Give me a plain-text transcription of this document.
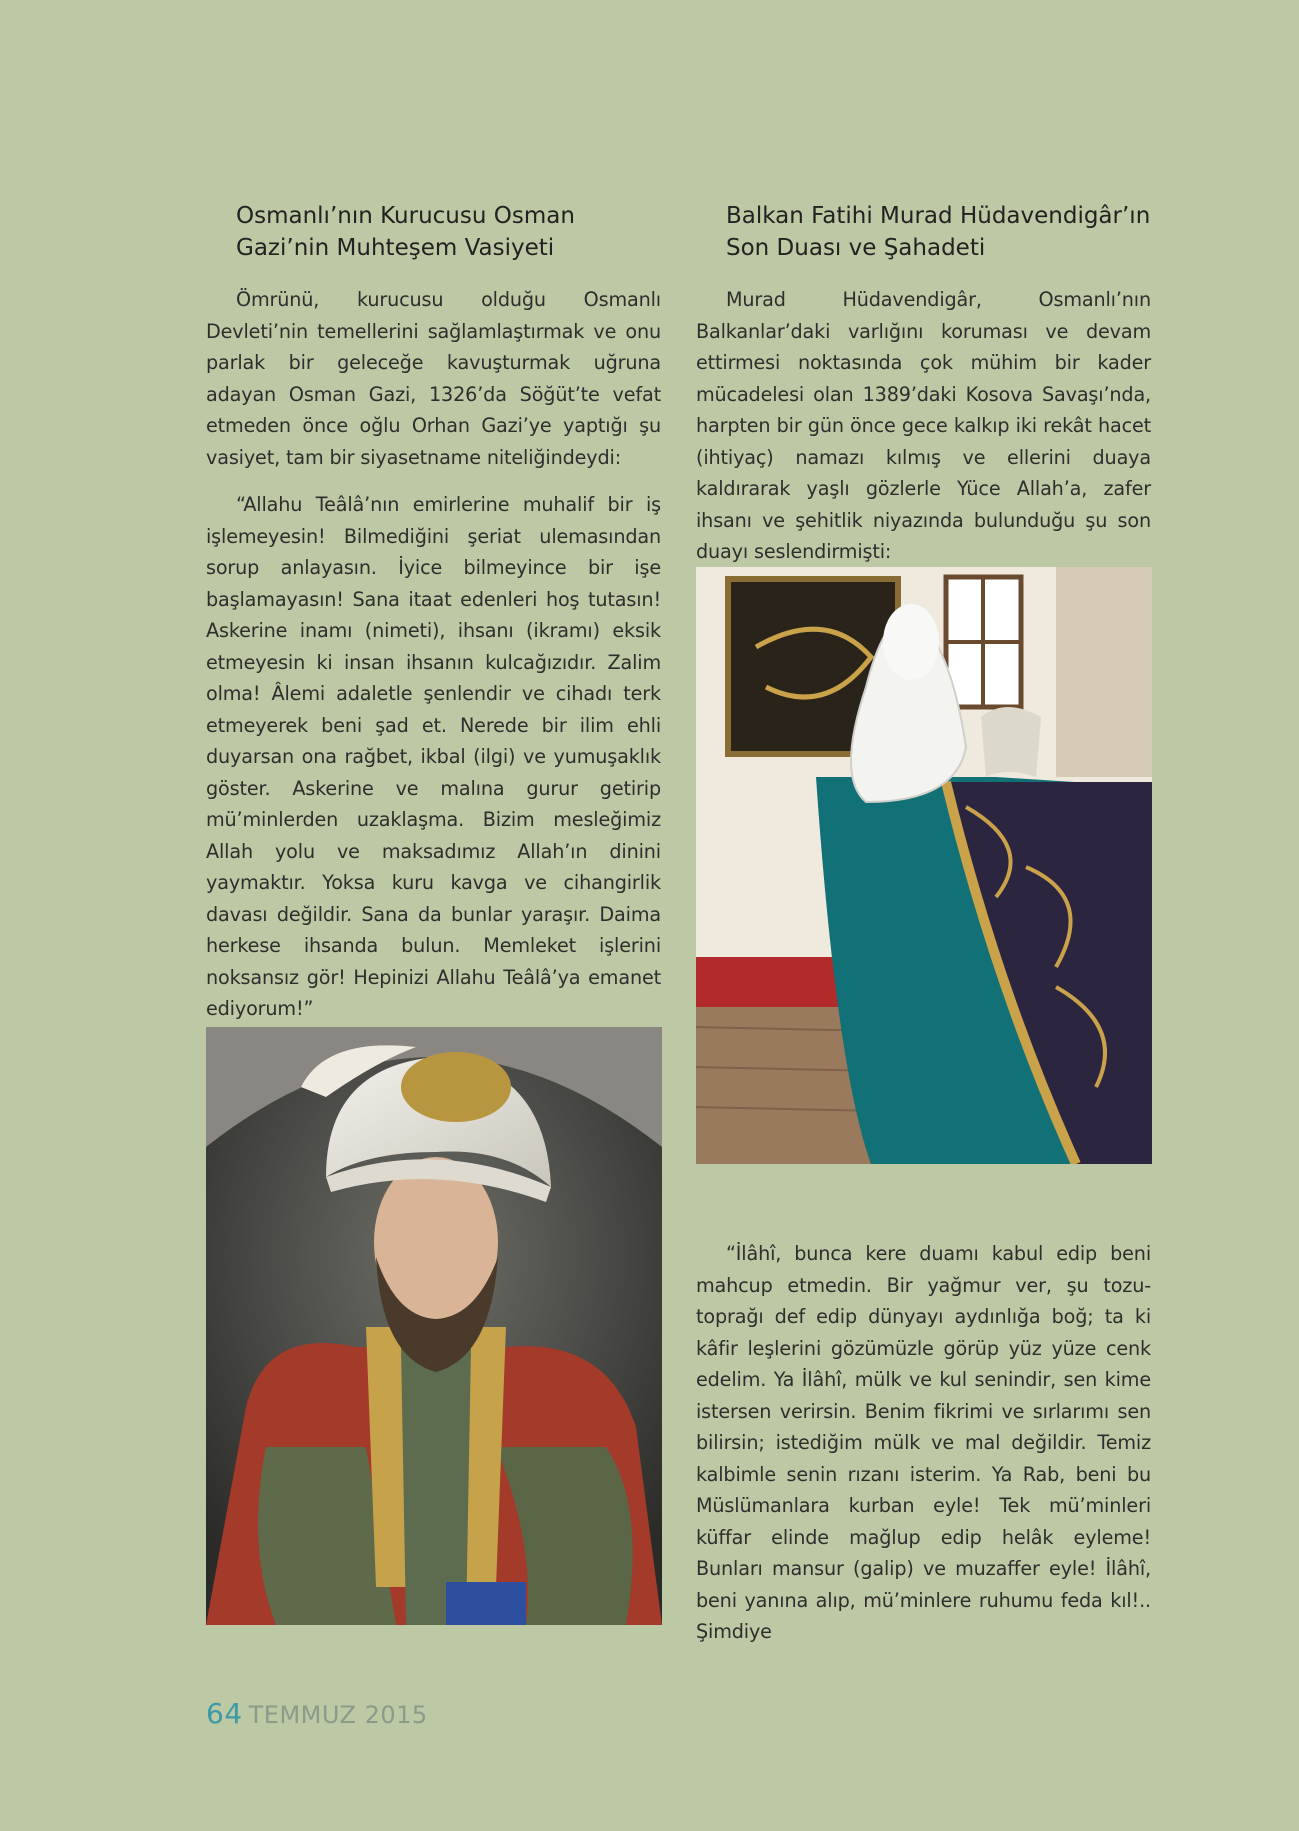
Osmanlı’nın Kurucusu Osman
Gazi’nin Muhteşem Vasiyeti

Ömrünü, kurucusu olduğu Osmanlı Devleti’nin temellerini sağlamlaştırmak ve onu parlak bir geleceğe kavuşturmak uğruna adayan Osman Gazi, 1326’da Söğüt’te vefat etmeden önce oğlu Orhan Gazi’ye yaptığı şu vasiyet, tam bir siyasetname niteliğindeydi:

“Allahu Teâlâ’nın emirlerine muhalif bir iş işlemeyesin! Bilmediğini şeriat ulemasından sorup anlayasın. İyice bilmeyince bir işe başlamayasın! Sana itaat edenleri hoş tutasın! Askerine inamı (nimeti), ihsanı (ikramı) eksik etmeyesin ki insan ihsanın kulcağızıdır. Zalim olma! Âlemi adaletle şenlendir ve cihadı terk etmeyerek beni şad et. Nerede bir ilim ehli duyarsan ona rağbet, ikbal (ilgi) ve yumuşaklık göster. Askerine ve malına gurur getirip mü’minlerden uzaklaşma. Bizim mesleğimiz Allah yolu ve maksadımız Allah’ın dinini yaymaktır. Yoksa kuru kavga ve cihangirlik davası değildir. Sana da bunlar yaraşır. Daima herkese ihsanda bulun. Memleket işlerini noksansız gör! Hepinizi Allahu Teâlâ’ya emanet ediyorum!”

Balkan Fatihi Murad Hüdavendigâr’ın
Son Duası ve Şahadeti

Murad Hüdavendigâr, Osmanlı’nın Balkanlar’daki varlığını koruması ve devam ettirmesi noktasında çok mühim bir kader mücadelesi olan 1389’daki Kosova Savaşı’nda, harpten bir gün önce gece kalkıp iki rekât hacet (ihtiyaç) namazı kılmış ve ellerini duaya kaldırarak yaşlı gözlerle Yüce Allah’a, zafer ihsanı ve şehitlik niyazında bulunduğu şu son duayı seslendirmişti:

“İlâhî, bunca kere duamı kabul edip beni mahcup etmedin. Bir yağmur ver, şu tozu-toprağı def edip dünyayı aydınlığa boğ; ta ki kâfir leşlerini gözümüzle görüp yüz yüze cenk edelim. Ya İlâhî, mülk ve kul senindir, sen kime istersen verirsin. Benim fikrimi ve sırlarımı sen bilirsin; istediğim mülk ve mal değildir. Temiz kalbimle senin rızanı isterim. Ya Rab, beni bu Müslümanlara kurban eyle! Tek mü’minleri küffar elinde mağlup edip helâk eyleme! Bunları mansur (galip) ve muzaffer eyle! İlâhî, beni yanına alıp, mü’minlere ruhumu feda kıl!.. Şimdiye

64 TEMMUZ 2015
